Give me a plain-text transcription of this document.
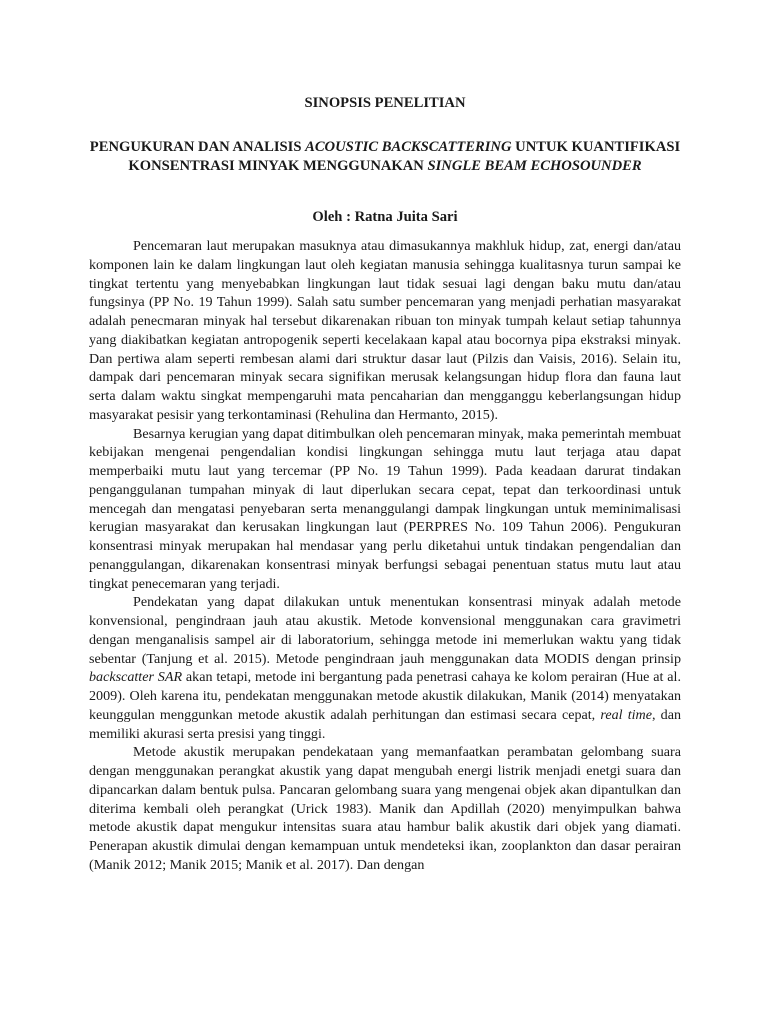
SINOPSIS PENELITIAN
PENGUKURAN DAN ANALISIS ACOUSTIC BACKSCATTERING UNTUK KUANTIFIKASI KONSENTRASI MINYAK MENGGUNAKAN SINGLE BEAM ECHOSOUNDER

Oleh : Ratna Juita Sari

Pencemaran laut merupakan masuknya atau dimasukannya makhluk hidup, zat, energi dan/atau komponen lain ke dalam lingkungan laut oleh kegiatan manusia sehingga kualitasnya turun sampai ke tingkat tertentu yang menyebabkan lingkungan laut tidak sesuai lagi dengan baku mutu dan/atau fungsinya (PP No. 19 Tahun 1999). Salah satu sumber pencemaran yang menjadi perhatian masyarakat adalah penecmaran minyak hal tersebut dikarenakan ribuan ton minyak tumpah kelaut setiap tahunnya yang diakibatkan kegiatan antropogenik seperti kecelakaan kapal atau bocornya pipa ekstraksi minyak. Dan pertiwa alam seperti rembesan alami dari struktur dasar laut (Pilzis dan Vaisis, 2016). Selain itu, dampak dari pencemaran minyak secara signifikan merusak kelangsungan hidup flora dan fauna laut serta dalam waktu singkat mempengaruhi mata pencaharian dan mengganggu keberlangsungan hidup masyarakat pesisir yang terkontaminasi (Rehulina dan Hermanto, 2015).

Besarnya kerugian yang dapat ditimbulkan oleh pencemaran minyak, maka pemerintah membuat kebijakan mengenai pengendalian kondisi lingkungan sehingga mutu laut terjaga atau dapat memperbaiki mutu laut yang tercemar (PP No. 19 Tahun 1999). Pada keadaan darurat tindakan penganggulanan tumpahan minyak di laut diperlukan secara cepat, tepat dan terkoordinasi untuk mencegah dan mengatasi penyebaran serta menanggulangi dampak lingkungan untuk meminimalisasi kerugian masyarakat dan kerusakan lingkungan laut (PERPRES No. 109 Tahun 2006). Pengukuran konsentrasi minyak merupakan hal mendasar yang perlu diketahui untuk tindakan pengendalian dan penanggulangan, dikarenakan konsentrasi minyak berfungsi sebagai penentuan status mutu laut atau tingkat penecemaran yang terjadi.

Pendekatan yang dapat dilakukan untuk menentukan konsentrasi minyak adalah metode konvensional, pengindraan jauh atau akustik. Metode konvensional menggunakan cara gravimetri dengan menganalisis sampel air di laboratorium, sehingga metode ini memerlukan waktu yang tidak sebentar (Tanjung et al. 2015). Metode pengindraan jauh menggunakan data MODIS dengan prinsip backscatter SAR akan tetapi, metode ini bergantung pada penetrasi cahaya ke kolom perairan (Hue at al. 2009). Oleh karena itu, pendekatan menggunakan metode akustik dilakukan, Manik (2014) menyatakan keunggulan menggunkan metode akustik adalah perhitungan dan estimasi secara cepat, real time, dan memiliki akurasi serta presisi yang tinggi.

Metode akustik merupakan pendekataan yang memanfaatkan perambatan gelombang suara dengan menggunakan perangkat akustik yang dapat mengubah energi listrik menjadi enetgi suara dan dipancarkan dalam bentuk pulsa. Pancaran gelombang suara yang mengenai objek akan dipantulkan dan diterima kembali oleh perangkat (Urick 1983). Manik dan Apdillah (2020) menyimpulkan bahwa metode akustik dapat mengukur intensitas suara atau hambur balik akustik dari objek yang diamati. Penerapan akustik dimulai dengan kemampuan untuk mendeteksi ikan, zooplankton dan dasar perairan (Manik 2012; Manik 2015; Manik et al. 2017). Dan dengan
